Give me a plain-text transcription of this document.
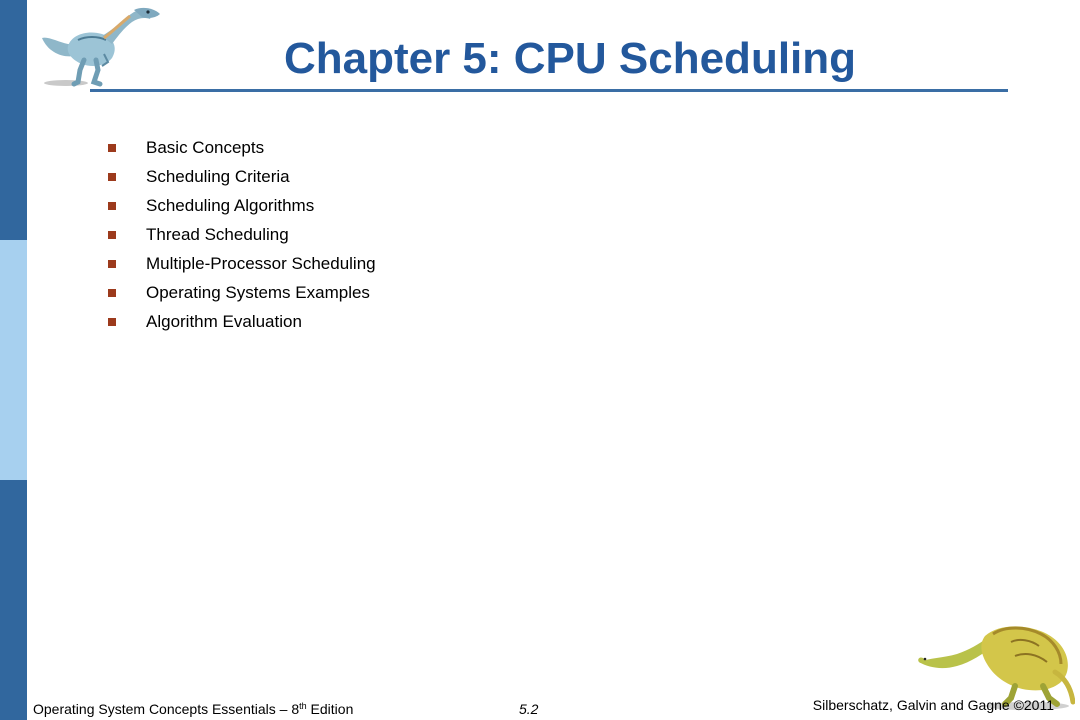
Chapter 5: CPU Scheduling
Basic Concepts
Scheduling Criteria
Scheduling Algorithms
Thread Scheduling
Multiple-Processor Scheduling
Operating Systems Examples
Algorithm Evaluation
Operating System Concepts Essentials – 8th Edition	5.2	Silberschatz, Galvin and Gagne ©2011
